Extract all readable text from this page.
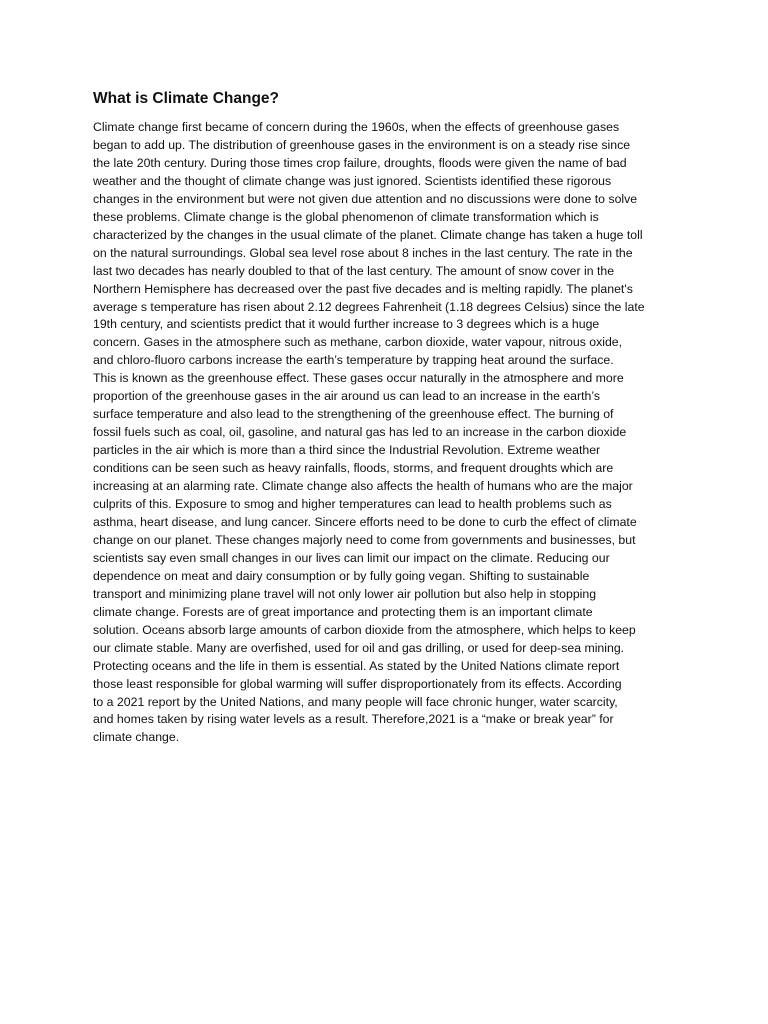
What is Climate Change?
Climate change first became of concern during the 1960s, when the effects of greenhouse gases
began to add up. The distribution of greenhouse gases in the environment is on a steady rise since
the late 20th century. During those times crop failure, droughts, floods were given the name of bad
weather and the thought of climate change was just ignored. Scientists identified these rigorous
changes in the environment but were not given due attention and no discussions were done to solve
these problems. Climate change is the global phenomenon of climate transformation which is
characterized by the changes in the usual climate of the planet. Climate change has taken a huge toll
on the natural surroundings. Global sea level rose about 8 inches in the last century. The rate in the
last two decades has nearly doubled to that of the last century. The amount of snow cover in the
Northern Hemisphere has decreased over the past five decades and is melting rapidly. The planet's
average s temperature has risen about 2.12 degrees Fahrenheit (1.18 degrees Celsius) since the late
19th century, and scientists predict that it would further increase to 3 degrees which is a huge
concern. Gases in the atmosphere such as methane, carbon dioxide, water vapour, nitrous oxide,
and chloro-fluoro carbons increase the earth’s temperature by trapping heat around the surface.
This is known as the greenhouse effect. These gases occur naturally in the atmosphere and more
proportion of the greenhouse gases in the air around us can lead to an increase in the earth’s
surface temperature and also lead to the strengthening of the greenhouse effect. The burning of
fossil fuels such as coal, oil, gasoline, and natural gas has led to an increase in the carbon dioxide
particles in the air which is more than a third since the Industrial Revolution. Extreme weather
conditions can be seen such as heavy rainfalls, floods, storms, and frequent droughts which are
increasing at an alarming rate. Climate change also affects the health of humans who are the major
culprits of this. Exposure to smog and higher temperatures can lead to health problems such as
asthma, heart disease, and lung cancer. Sincere efforts need to be done to curb the effect of climate
change on our planet. These changes majorly need to come from governments and businesses, but
scientists say even small changes in our lives can limit our impact on the climate. Reducing our
dependence on meat and dairy consumption or by fully going vegan. Shifting to sustainable
transport and minimizing plane travel will not only lower air pollution but also help in stopping
climate change. Forests are of great importance and protecting them is an important climate
solution. Oceans absorb large amounts of carbon dioxide from the atmosphere, which helps to keep
our climate stable. Many are overfished, used for oil and gas drilling, or used for deep-sea mining.
Protecting oceans and the life in them is essential. As stated by the United Nations climate report
those least responsible for global warming will suffer disproportionately from its effects. According
to a 2021 report by the United Nations, and many people will face chronic hunger, water scarcity,
and homes taken by rising water levels as a result. Therefore,2021 is a “make or break year” for
climate change.
